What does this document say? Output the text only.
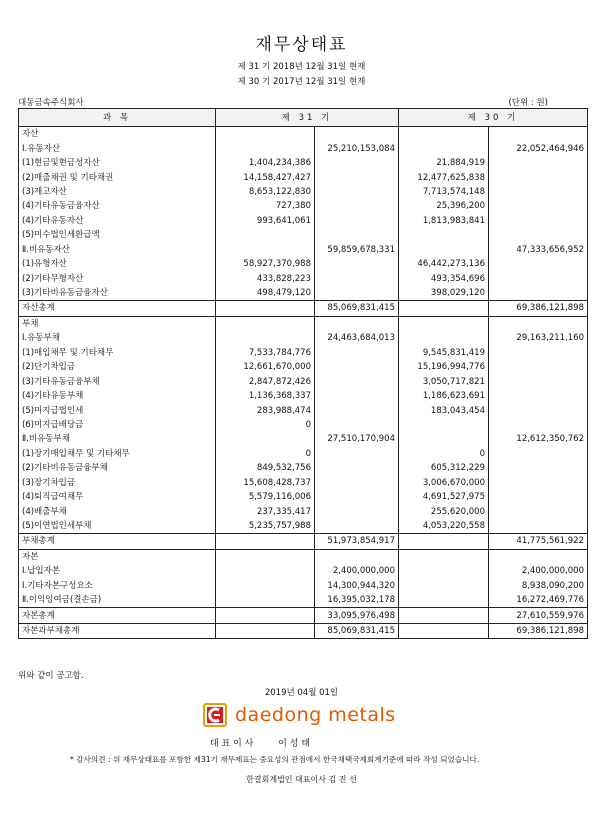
재무상태표
제 31 기 2018년 12월 31일 현재
제 30 기 2017년 12월 31일 현재
대동금속주식회사	(단위 : 원)
과 목	제 31 기		제 30 기	
자산				
Ⅰ.유동자산		25,210,153,084		22,052,464,946
(1)현금및현금성자산	1,404,234,386		21,884,919	
(2)매출채권 및 기타채권	14,158,427,427		12,477,625,838	
(3)재고자산	8,653,122,830		7,713,574,148	
(4)기타유동금융자산	727,380		25,396,200	
(4)기타유동자산	993,641,061		1,813,983,841	
(5)미수법인세환급액				
Ⅱ.비유동자산		59,859,678,331		47,333,656,952
(1)유형자산	58,927,370,988		46,442,273,136	
(2)기타무형자산	433,828,223		493,354,696	
(3)기타비유동금융자산	498,479,120		398,029,120	
자산총계		85,069,831,415		69,386,121,898
부채				
Ⅰ.유동부채		24,463,684,013		29,163,211,160
(1)매입채무 및 기타채무	7,533,784,776		9,545,831,419	
(2)단기차입금	12,661,670,000		15,196,994,776	
(3)기타유동금융부채	2,847,872,426		3,050,717,821	
(4)기타유동부채	1,136,368,337		1,186,623,691	
(5)미지급법인세	283,988,474		183,043,454	
(6)미지급배당금	0			
Ⅱ.비유동부채		27,510,170,904		12,612,350,762
(1)장기매입채무 및 기타채무	0		0	
(2)기타비유동금융부채	849,532,756		605,312,229	
(3)장기차입금	15,608,428,737		3,006,670,000	
(4)퇴직급여채무	5,579,116,006		4,691,527,975	
(4)배출부채	237,335,417		255,620,000	
(5)이연법인세부채	5,235,757,988		4,053,220,558	
부채총계		51,973,854,917		41,775,561,922
자본				
Ⅰ.납입자본		2,400,000,000		2,400,000,000
Ⅰ.기타자본구성요소		14,300,944,320		8,938,090,200
Ⅱ.이익잉여금(결손금)		16,395,032,178		16,272,469,776
자본총계		33,095,976,498		27,610,559,976
자본과부채총계		85,069,831,415		69,386,121,898
위와 같이 공고함.
2019년 04월 01일
daedong metals
대 표 이 사	이 성 태
* 감사의견 : 위 재무상태표를 포함한 제31기 재무제표는 중요성의 관점에서 한국채택국제회계기준에 따라 작성 되었습니다.
한결회계법인 대표이사 김 진 선
